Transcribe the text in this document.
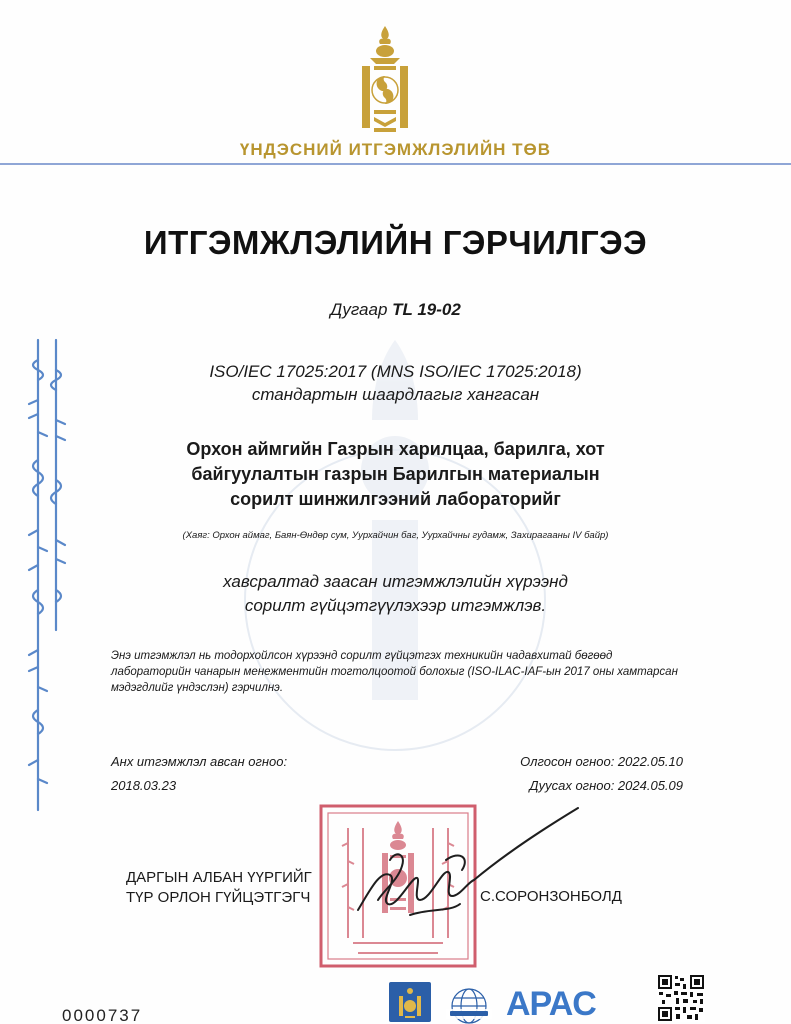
ҮНДЭСНИЙ ИТГЭМЖЛЭЛИЙН ТӨВ
ИТГЭМЖЛЭЛИЙН ГЭРЧИЛГЭЭ
Дугаар TL 19-02
ISO/IEC 17025:2017 (MNS ISO/IEC 17025:2018)
стандартын шаардлагыг хангасан
Орхон аймгийн Газрын харилцаа, барилга, хот
байгуулалтын газрын Барилгын материалын
сорилт шинжилгээний лабораторийг
(Хаяг: Орхон аймаг, Баян-Өндөр сум, Уурхайчин баг, Уурхайчны гудамж, Захирагааны IV байр)
хавсралтад заасан итгэмжлэлийн хүрээнд
сорилт гүйцэтгүүлэхээр итгэмжлэв.
Энэ итгэмжлэл нь тодорхойлсон хүрээнд сорилт гүйцэтгэх техникийн чадавхитай бөгөөд лабораторийн чанарын менежментийн тогтолцоотой болохыг (ISO-ILAC-IAF-ын 2017 оны хамтарсан мэдэгдлийг үндэслэн) гэрчилнэ.
Анх итгэмжлэл авсан огноо:
2018.03.23
Олгосон огноо: 2022.05.10
Дуусах огноо: 2024.05.09
ДАРГЫН АЛБАН ҮҮРГИЙГ
ТҮР ОРЛОН ГҮЙЦЭТГЭГЧ	С.СОРОНЗОНБОЛД
0000737	APAC
